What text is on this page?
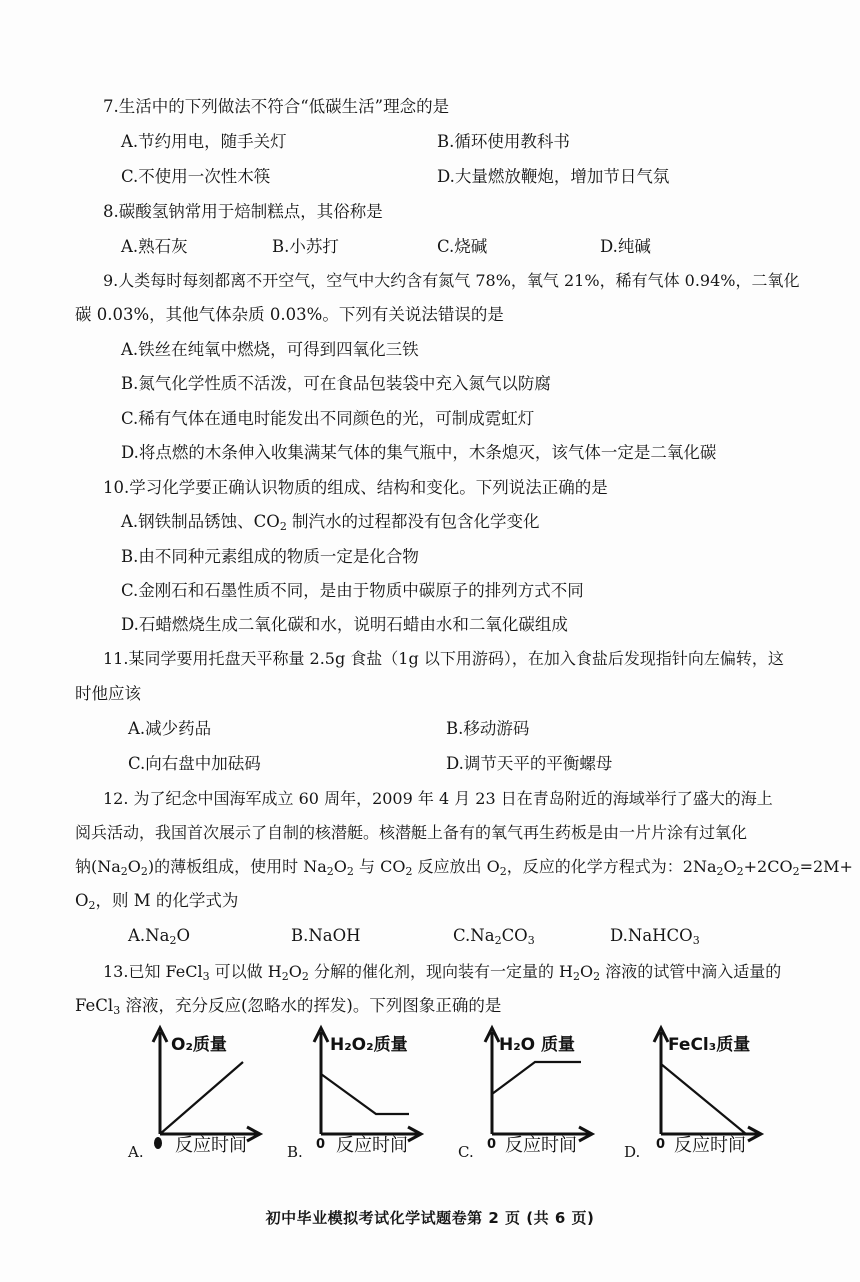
7.生活中的下列做法不符合“低碳生活”理念的是
A.节约用电，随手关灯	B.循环使用教科书
C.不使用一次性木筷	D.大量燃放鞭炮，增加节日气氛
8.碳酸氢钠常用于焙制糕点，其俗称是
A.熟石灰	B.小苏打	C.烧碱	D.纯碱
9.人类每时每刻都离不开空气，空气中大约含有氮气 78%，氧气 21%，稀有气体 0.94%，二氧化
碳 0.03%，其他气体杂质 0.03%。下列有关说法错误的是
A.铁丝在纯氧中燃烧，可得到四氧化三铁
B.氮气化学性质不活泼，可在食品包装袋中充入氮气以防腐
C.稀有气体在通电时能发出不同颜色的光，可制成霓虹灯
D.将点燃的木条伸入收集满某气体的集气瓶中，木条熄灭，该气体一定是二氧化碳
10.学习化学要正确认识物质的组成、结构和变化。下列说法正确的是
A.钢铁制品锈蚀、$CO_2$ 制汽水的过程都没有包含化学变化
B.由不同种元素组成的物质一定是化合物
C.金刚石和石墨性质不同，是由于物质中碳原子的排列方式不同
D.石蜡燃烧生成二氧化碳和水，说明石蜡由水和二氧化碳组成
11.某同学要用托盘天平称量 2.5g 食盐（1g 以下用游码），在加入食盐后发现指针向左偏转，这
时他应该
A.减少药品	B.移动游码
C.向右盘中加砝码	D.调节天平的平衡螺母
12. 为了纪念中国海军成立 60 周年，2009 年 4 月 23 日在青岛附近的海域举行了盛大的海上
阅兵活动，我国首次展示了自制的核潜艇。核潜艇上备有的氧气再生药板是由一片片涂有过氧化
钠$(Na_2O_2)$的薄板组成，使用时 $Na_2O_2$ 与 $CO_2$ 反应放出 $O_2$，反应的化学方程式为：$2Na_2O_2+2CO_2=2M+$
$O_2$，则 M 的化学式为
$A.Na_2O$	B.NaOH	$C.Na_2CO_3$	D.NaHCO$_3$
13.已知 FeCl$_3$ 可以做 $H_2O_2$ 分解的催化剂，现向装有一定量的 $H_2O_2$ 溶液的试管中滴入适量的
FeCl$_3$ 溶液，充分反应(忽略水的挥发)。下列图象正确的是
A.
O₂质量
反应时间	B.
H₂O₂质量
0 反应时间	C.
H₂O 质量
0 反应时间	D.
FeCl₃质量
0 反应时间
初中毕业模拟考试化学试题卷第 2 页 (共 6 页)
